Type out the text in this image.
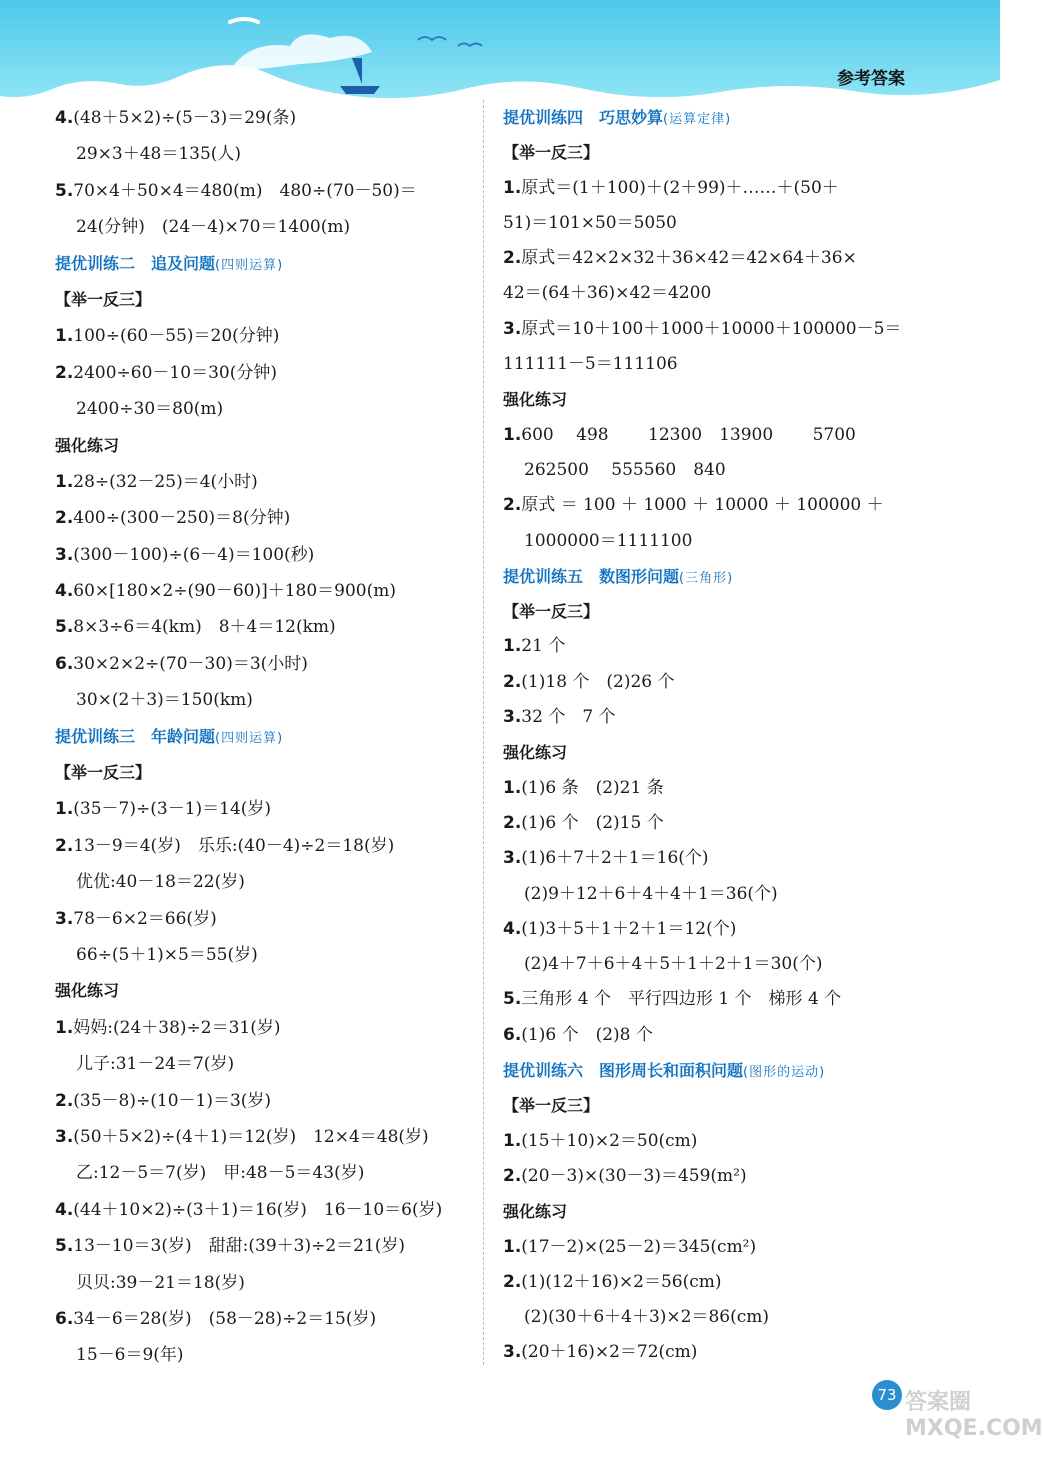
参考答案
4.(48＋5×2)÷(5－3)＝29(条)
29×3＋48＝135(人)
5.70×4＋50×4＝480(m)　480÷(70－50)＝
24(分钟)　(24－4)×70＝1400(m)
提优训练二　追及问题(四则运算)
【举一反三】
1.100÷(60－55)＝20(分钟)
2.2400÷60－10＝30(分钟)
2400÷30＝80(m)
强化练习
1.28÷(32－25)＝4(小时)
2.400÷(300－250)＝8(分钟)
3.(300－100)÷(6－4)＝100(秒)
4.60×[180×2÷(90－60)]＋180＝900(m)
5.8×3÷6＝4(km)　8＋4＝12(km)
6.30×2×2÷(70－30)＝3(小时)
30×(2＋3)＝150(km)
提优训练三　年龄问题(四则运算)
【举一反三】
1.(35－7)÷(3－1)＝14(岁)
2.13－9＝4(岁)　乐乐:(40－4)÷2＝18(岁)
优优:40－18＝22(岁)
3.78－6×2＝66(岁)
66÷(5＋1)×5＝55(岁)
强化练习
1.妈妈:(24＋38)÷2＝31(岁)
儿子:31－24＝7(岁)
2.(35－8)÷(10－1)＝3(岁)
3.(50＋5×2)÷(4＋1)＝12(岁)　12×4＝48(岁)
乙:12－5＝7(岁)　甲:48－5＝43(岁)
4.(44＋10×2)÷(3＋1)＝16(岁)　16－10＝6(岁)
5.13－10＝3(岁)　甜甜:(39＋3)÷2＝21(岁)
贝贝:39－21＝18(岁)
6.34－6＝28(岁)　(58－28)÷2＝15(岁)
15－6＝9(年)
提优训练四　巧思妙算(运算定律)
【举一反三】
1.原式＝(1＋100)＋(2＋99)＋……＋(50＋
51)＝101×50＝5050
2.原式＝42×2×32＋36×42＝42×64＋36×
42＝(64＋36)×42＝4200
3.原式＝10＋100＋1000＋10000＋100000－5＝
111111－5＝111106
强化练习
1.600　 498　　 12300　13900　　 5700
262500　 555560　840
2.原式 ＝ 100 ＋ 1000 ＋ 10000 ＋ 100000 ＋
1000000＝1111100
提优训练五　数图形问题(三角形)
【举一反三】
1.21 个
2.(1)18 个　(2)26 个
3.32 个　7 个
强化练习
1.(1)6 条　(2)21 条
2.(1)6 个　(2)15 个
3.(1)6＋7＋2＋1＝16(个)
(2)9＋12＋6＋4＋4＋1＝36(个)
4.(1)3＋5＋1＋2＋1＝12(个)
(2)4＋7＋6＋4＋5＋1＋2＋1＝30(个)
5.三角形 4 个　平行四边形 1 个　梯形 4 个
6.(1)6 个　(2)8 个
提优训练六　图形周长和面积问题(图形的运动)
【举一反三】
1.(15＋10)×2＝50(cm)
2.(20－3)×(30－3)＝459(m²)
强化练习
1.(17－2)×(25－2)＝345(cm²)
2.(1)(12＋16)×2＝56(cm)
(2)(30＋6＋4＋3)×2＝86(cm)
3.(20＋16)×2＝72(cm)
73 答案圈 MXQE.COM
